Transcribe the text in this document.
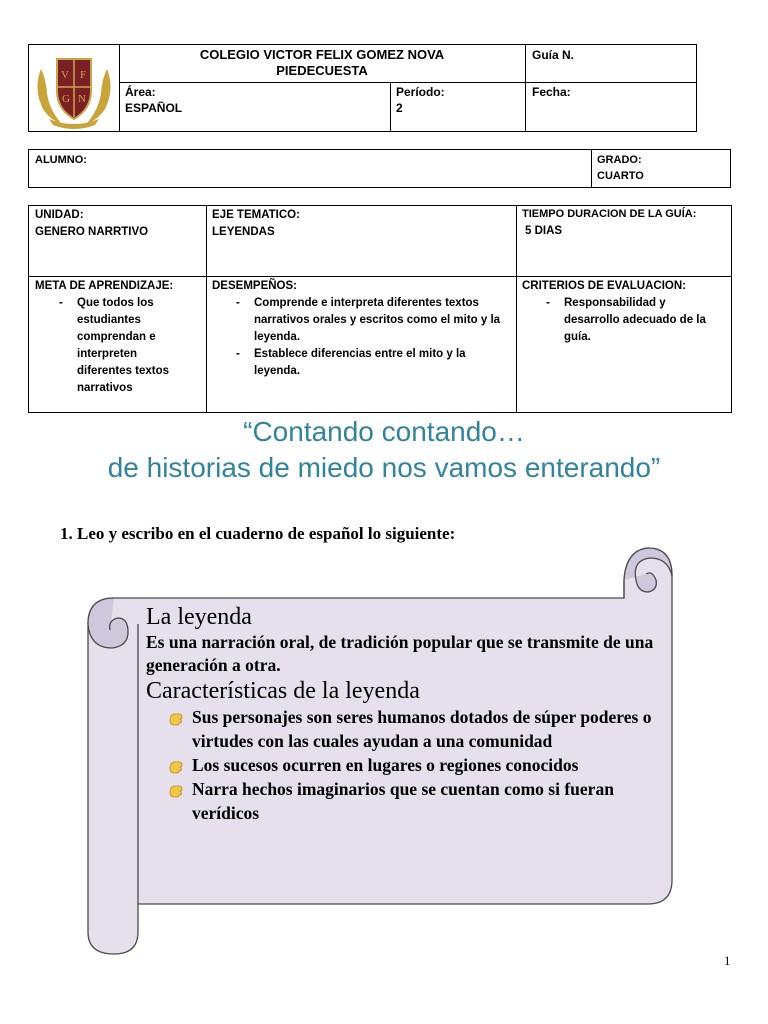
V F
G N
COLEGIO VICTOR FELIX GOMEZ NOVA
PIEDECUESTA
Guía N.
Área:
ESPAÑOL
Período:
2
Fecha:
ALUMNO:	GRADO:
CUARTO
UNIDAD:
GENERO NARRTIVO
EJE TEMATICO:
LEYENDAS
TIEMPO DURACION DE LA GUÍA:
5 DIAS
META DE APRENDIZAJE:
- Que todos los estudiantes comprendan e interpreten diferentes textos narrativos
DESEMPEÑOS:
- Comprende e interpreta diferentes textos narrativos orales y escritos como el mito y la leyenda.
- Establece diferencias entre el mito y la leyenda.
CRITERIOS DE EVALUACION:
- Responsabilidad y desarrollo adecuado de la guía.
“Contando contando…
de historias de miedo nos vamos enterando”
1. Leo y escribo en el cuaderno de español lo siguiente:
La leyenda
Es una narración oral, de tradición popular que se transmite de una generación a otra.
Características de la leyenda
Sus personajes son seres humanos dotados de súper poderes o virtudes con las cuales ayudan a una comunidad
Los sucesos ocurren en lugares o regiones conocidos
Narra hechos imaginarios que se cuentan como si fueran verídicos
1
